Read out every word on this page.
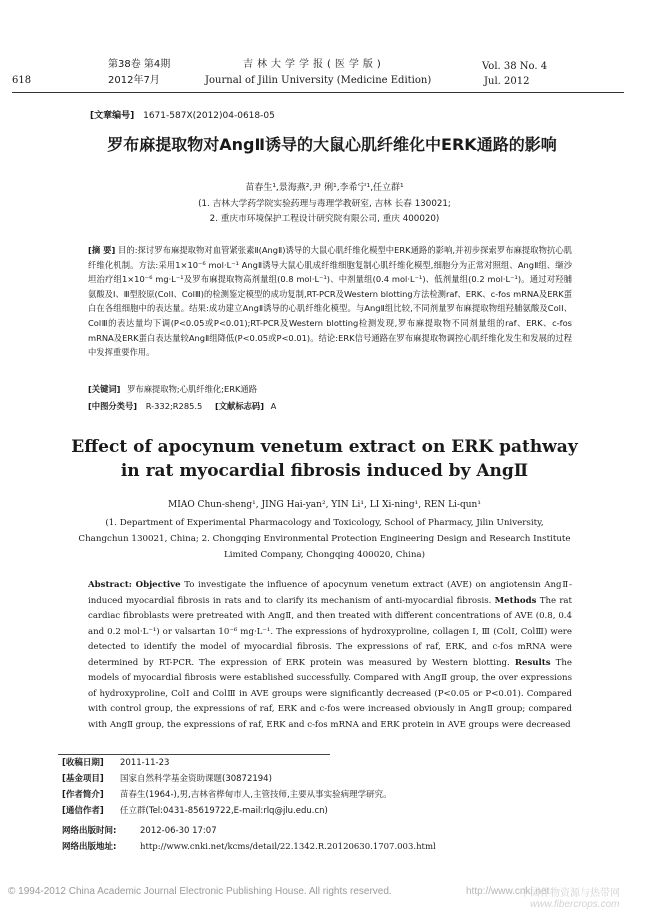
618
第38卷 第4期
2012年7月
吉林大学学报(医学版)
Journal of Jilin University (Medicine Edition)
Vol. 38 No. 4
Jul. 2012
[文章编号] 1671-587Ⅹ(2012)04-0618-05
罗布麻提取物对AngⅡ诱导的大鼠心肌纤维化中ERK通路的影响
苗春生¹,景海燕²,尹 俐¹,李希宁¹,任立群¹
(1. 吉林大学药学院实验药理与毒理学教研室, 吉林 长春 130021;
2. 重庆市环境保护工程设计研究院有限公司, 重庆 400020)
[摘 要] 目的:探讨罗布麻提取物对血管紧张素Ⅱ(AngⅡ)诱导的大鼠心肌纤维化模型中ERK通路的影响,并初步探索罗布麻提取物抗心肌纤维化机制。方法:采用1×10⁻⁶ mol·L⁻¹ AngⅡ诱导大鼠心肌成纤维细胞复制心肌纤维化模型,细胞分为正常对照组、AngⅡ组、缬沙坦治疗组1×10⁻⁶ mg·L⁻¹及罗布麻提取物高剂量组(0.8 mol·L⁻¹)、中剂量组(0.4 mol·L⁻¹)、低剂量组(0.2 mol·L⁻¹)。通过对羟脯氨酸及Ⅰ、Ⅲ型胶原(ColⅠ、ColⅢ)的检测鉴定模型的成功复制,RT-PCR及Western blotting方法检测raf、ERK、c-fos mRNA及ERK蛋白在各组细胞中的表达量。结果:成功建立AngⅡ诱导的心肌纤维化模型。与AngⅡ组比较,不同剂量罗布麻提取物组羟脯氨酸及ColⅠ、ColⅢ的表达量均下调(P<0.05或P<0.01);RT-PCR及Western blotting检测发现,罗布麻提取物不同剂量组的raf、ERK、c-fos mRNA及ERK蛋白表达量较AngⅡ组降低(P<0.05或P<0.01)。结论:ERK信号通路在罗布麻提取物调控心肌纤维化发生和发展的过程中发挥重要作用。
[关键词] 罗布麻提取物;心肌纤维化;ERK通路
[中图分类号] R-332;R285.5 [文献标志码] A
Effect of apocynum venetum extract on ERK pathway
in rat myocardial fibrosis induced by AngⅡ
MIAO Chun-sheng¹, JING Hai-yan², YIN Li¹, LI Xi-ning¹, REN Li-qun¹
(1. Department of Experimental Pharmacology and Toxicology, School of Pharmacy, Jilin University,
Changchun 130021, China; 2. Chongqing Environmental Protection Engineering Design and Research Institute
Limited Company, Chongqing 400020, China)
Abstract: Objective To investigate the influence of apocynum venetum extract (AVE) on angiotensin AngⅡ-induced myocardial fibrosis in rats and to clarify its mechanism of anti-myocardial fibrosis. Methods The rat cardiac fibroblasts were pretreated with AngⅡ, and then treated with different concentrations of AVE (0.8, 0.4 and 0.2 mol·L⁻¹) or valsartan 10⁻⁶ mg·L⁻¹. The expressions of hydroxyproline, collagen Ⅰ, Ⅲ (ColⅠ, ColⅢ) were detected to identify the model of myocardial fibrosis. The expressions of raf, ERK, and c-fos mRNA were determined by RT-PCR. The expression of ERK protein was measured by Western blotting. Results The models of myocardial fibrosis were established successfully. Compared with AngⅡ group, the over expressions of hydroxyproline, ColⅠ and ColⅢ in AVE groups were significantly decreased (P<0.05 or P<0.01). Compared with control group, the expressions of raf, ERK and c-fos were increased obviously in AngⅡ group; compared with AngⅡ group, the expressions of raf, ERK and c-fos mRNA and ERK protein in AVE groups were decreased
[收稿日期] 2011-11-23
[基金项目] 国家自然科学基金资助课题(30872194)
[作者简介] 苗春生(1964-),男,吉林省桦甸市人,主管技师,主要从事实验病理学研究。
[通信作者] 任立群(Tel:0431-85619722,E-mail:rlq@jlu.edu.cn)
网络出版时间:	2012-06-30 17:07
网络出版地址:	http://www.cnki.net/kcms/detail/22.1342.R.20120630.1707.003.html
© 1994-2012 China Academic Journal Electronic Publishing House. All rights reserved.	http://www.cnki.net
中国作物资源与热带网
www.fibercrops.com
